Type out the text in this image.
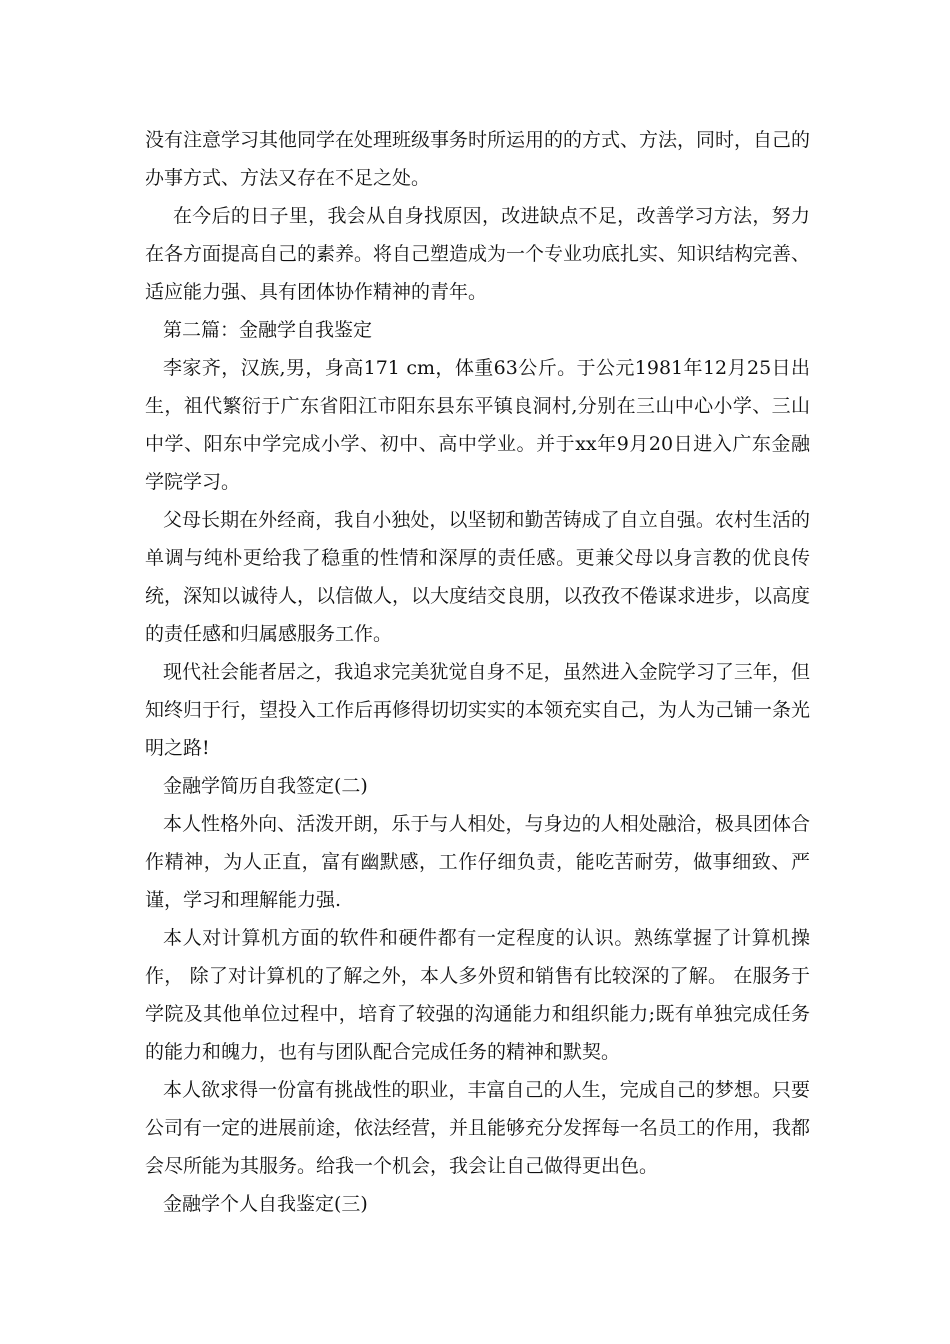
没有注意学习其他同学在处理班级事务时所运用的的方式、方法，同时，自己的办事方式、方法又存在不足之处。

在今后的日子里，我会从自身找原因，改进缺点不足，改善学习方法，努力在各方面提高自己的素养。将自己塑造成为一个专业功底扎实、知识结构完善、适应能力强、具有团体协作精神的青年。

第二篇：金融学自我鉴定

李家齐，汉族,男，身高171 cm，体重63公斤。于公元1981年12月25日出生，祖代繁衍于广东省阳江市阳东县东平镇良洞村,分别在三山中心小学、三山中学、阳东中学完成小学、初中、高中学业。并于xx年9月20日进入广东金融学院学习。

父母长期在外经商，我自小独处，以坚韧和勤苦铸成了自立自强。农村生活的单调与纯朴更给我了稳重的性情和深厚的责任感。更兼父母以身言教的优良传统，深知以诚待人，以信做人，以大度结交良朋，以孜孜不倦谋求进步，以高度的责任感和归属感服务工作。

现代社会能者居之，我追求完美犹觉自身不足，虽然进入金院学习了三年，但知终归于行，望投入工作后再修得切切实实的本领充实自己，为人为己铺一条光明之路!

金融学简历自我签定(二)

本人性格外向、活泼开朗，乐于与人相处，与身边的人相处融洽，极具团体合作精神，为人正直，富有幽默感，工作仔细负责，能吃苦耐劳，做事细致、严谨，学习和理解能力强.

本人对计算机方面的软件和硬件都有一定程度的认识。熟练掌握了计算机操作， 除了对计算机的了解之外，本人多外贸和销售有比较深的了解。 在服务于学院及其他单位过程中，培育了较强的沟通能力和组织能力;既有单独完成任务的能力和魄力，也有与团队配合完成任务的精神和默契。

本人欲求得一份富有挑战性的职业，丰富自己的人生，完成自己的梦想。只要公司有一定的进展前途，依法经营，并且能够充分发挥每一名员工的作用，我都会尽所能为其服务。给我一个机会，我会让自己做得更出色。

金融学个人自我鉴定(三)
